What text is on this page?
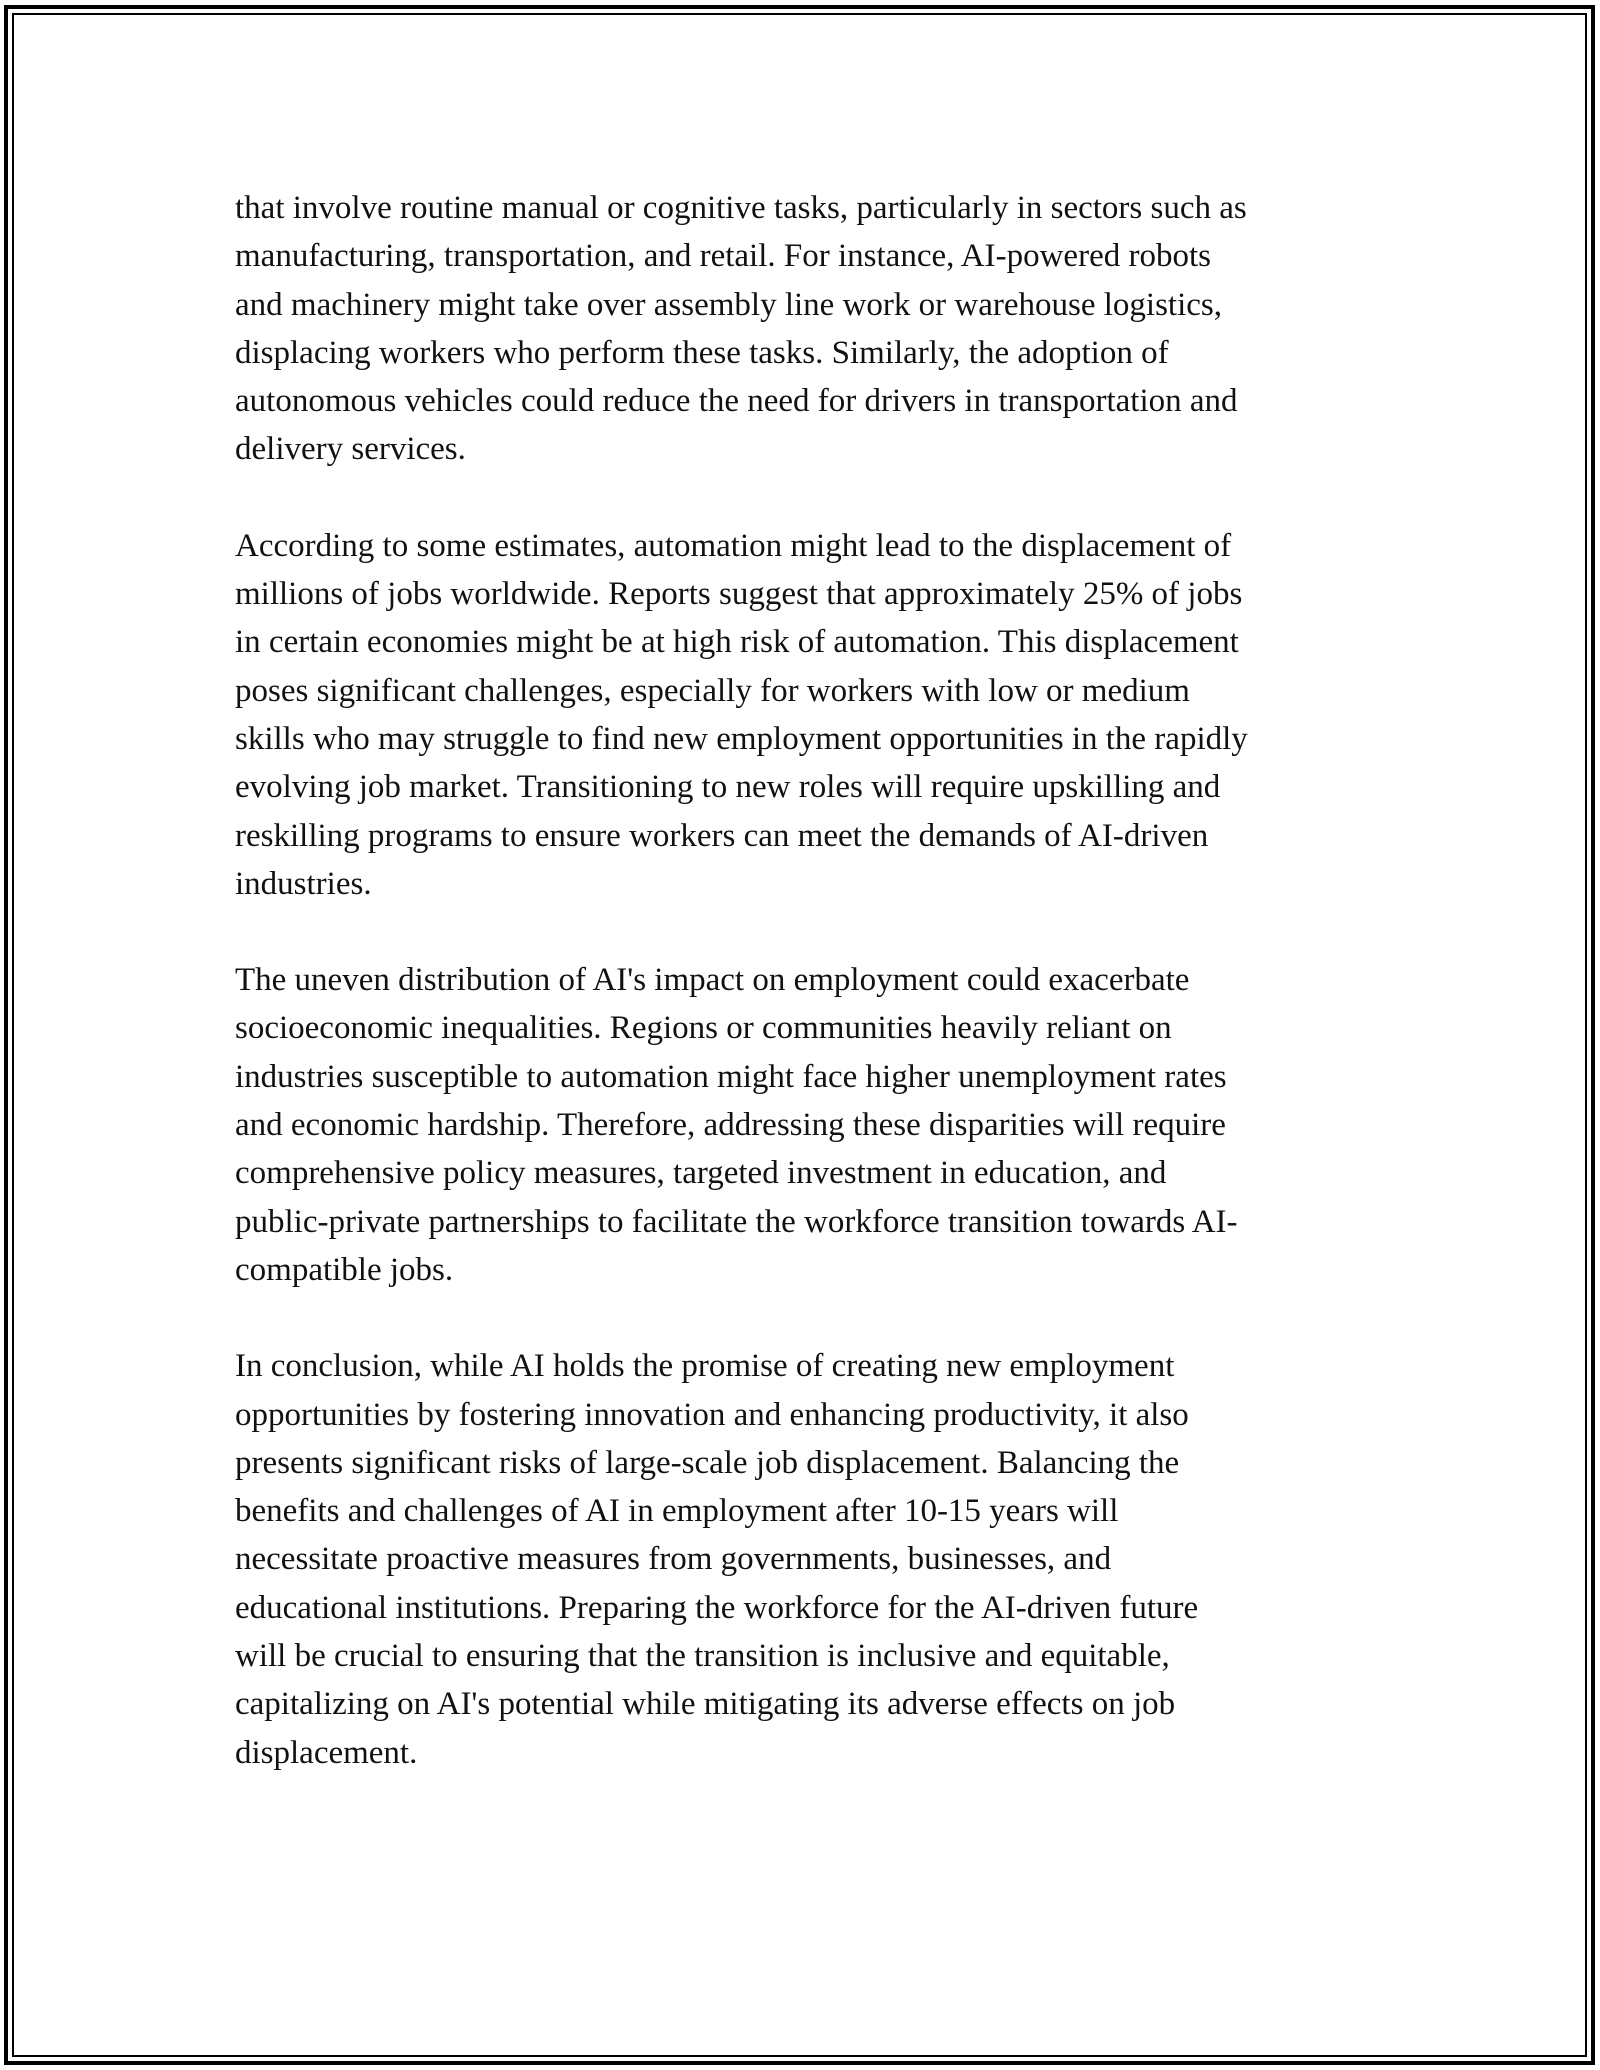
that involve routine manual or cognitive tasks, particularly in sectors such as
manufacturing, transportation, and retail. For instance, AI-powered robots
and machinery might take over assembly line work or warehouse logistics,
displacing workers who perform these tasks. Similarly, the adoption of
autonomous vehicles could reduce the need for drivers in transportation and
delivery services.

According to some estimates, automation might lead to the displacement of
millions of jobs worldwide. Reports suggest that approximately 25% of jobs
in certain economies might be at high risk of automation. This displacement
poses significant challenges, especially for workers with low or medium
skills who may struggle to find new employment opportunities in the rapidly
evolving job market. Transitioning to new roles will require upskilling and
reskilling programs to ensure workers can meet the demands of AI-driven
industries.

The uneven distribution of AI's impact on employment could exacerbate
socioeconomic inequalities. Regions or communities heavily reliant on
industries susceptible to automation might face higher unemployment rates
and economic hardship. Therefore, addressing these disparities will require
comprehensive policy measures, targeted investment in education, and
public-private partnerships to facilitate the workforce transition towards AI-
compatible jobs.

In conclusion, while AI holds the promise of creating new employment
opportunities by fostering innovation and enhancing productivity, it also
presents significant risks of large-scale job displacement. Balancing the
benefits and challenges of AI in employment after 10-15 years will
necessitate proactive measures from governments, businesses, and
educational institutions. Preparing the workforce for the AI-driven future
will be crucial to ensuring that the transition is inclusive and equitable,
capitalizing on AI's potential while mitigating its adverse effects on job
displacement.
